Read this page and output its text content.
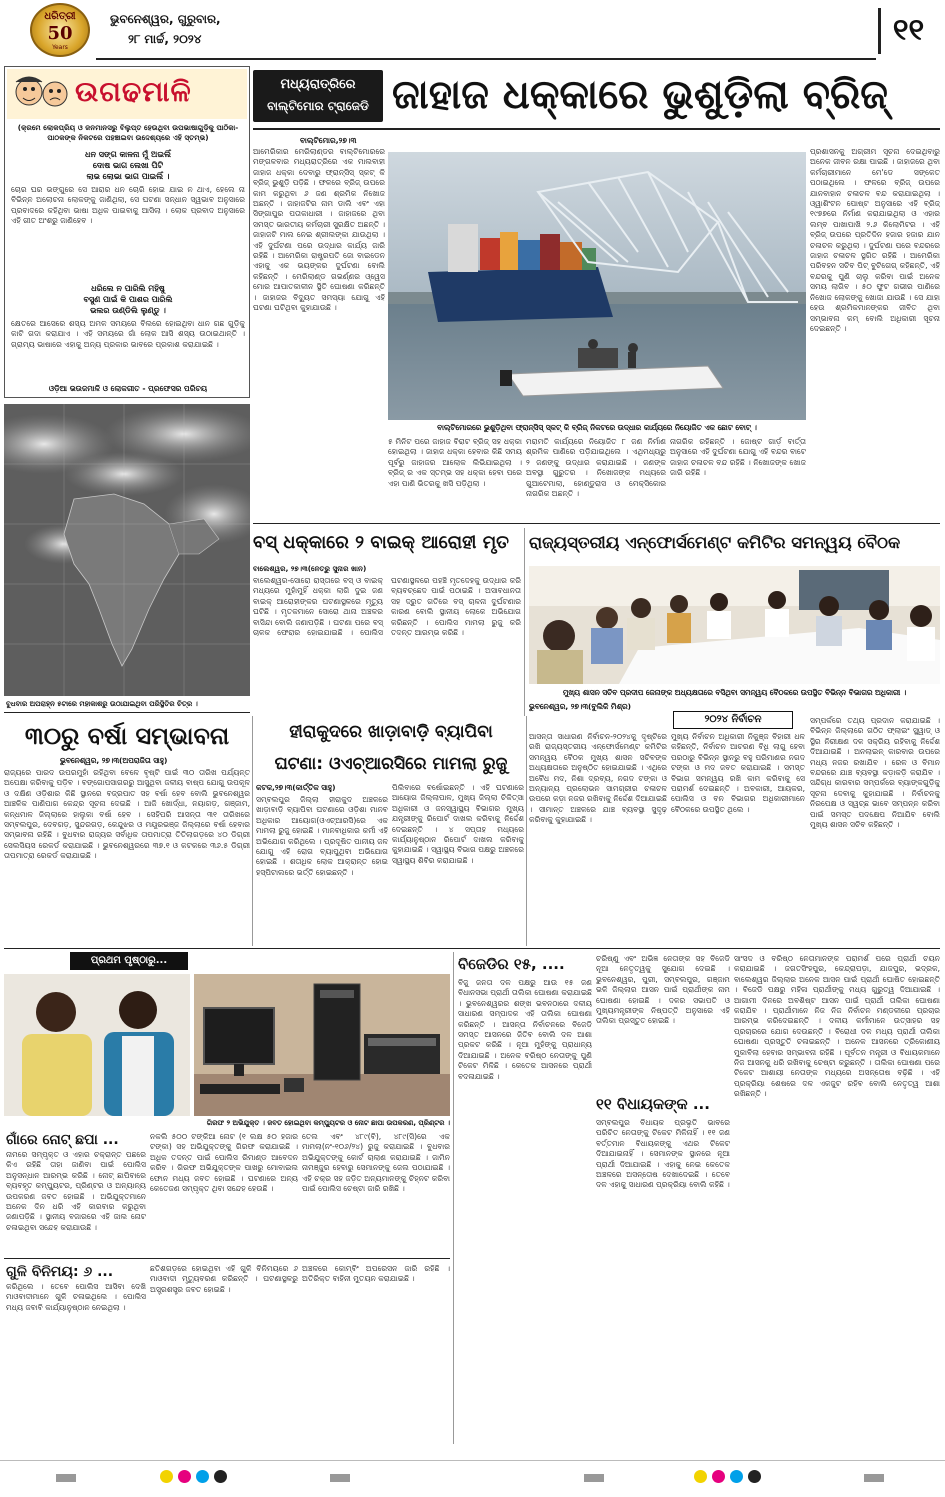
ଧରିତ୍ରୀ
50
Years
ଭୁବନେଶ୍ୱର, ଗୁରୁବାର,
୨୮ ମାର୍ଚ୍ଚ, ୨୦୨୪	୧୧
ଉଗଢମାଳି
(କ୍ରମେ ଲୋକପ୍ରିୟ ଓ ଜନମାନସରୁ ବିଲୁପ୍ତ ହେଉଥିବା ଉପଭାଷାଗୁଡ଼ିକୁ ପାଠିକା-ପାଠକଙ୍କ ନିକଟରେ ପହଞ୍ଚାଇବା ଉଦ୍ଦେଶ୍ୟରେ ଏହି ସ୍ତମ୍ଭ)
ଧନ ସଙ୍ଗ କାଳନା ମୁଁ ଅଇଲିଁ
ଦୋଷ ଭାଗ ଲେଖା ପିଟି
ଲାଭ ଲୋଭା ଭାଗ ପାଇଲିଁ ।
ଚୋର ଘର ଭଙ୍ଗୁରେ ସେ ଆରାର ଧନ ଚୋରି ହୋଇ ଯାଇ ନ ଥାଏ, ହେଲେ ନା ବିଭିନ୍ନ ଅଲୋଚନା ଲୋକଙ୍କୁ ଜାଣିଥିଲା, ସେ ଘଟଣା ସନ୍ଧାନ ସ୍ୱଭାବ ଅନୁସାରେ ପ୍ରବାଦରେ କହିଥିବା ଭାଷା ଅଧିକ ପାଇବାକୁ ଆସିଲା । ଲୋକ ପ୍ରବାଦ ଅନୁସାରେ ଏହି ଗୀତ ଅଂଶରୁ ଜାଣିହେବ ।
ଧରିଲେ ନ ପାରିଲି ମହିଷୁ
ବସୁଣ ପାଇଁ କି ପାଶର ପାରିଲି
ଭଲର ଉଣ୍ଡିଲି ଲୁଣ୍ଡୁ ।
କ୍ଷେତରେ ଆସେରେ ଶସ୍ୟ ଅମଳ ସମୟରେ ବିଲରେ ହୋଇଥିବା ଧାନ ଗଛ ଗୁଡ଼ିକୁ କାଟି ଗଦା କରାଯାଏ । ଏହି ସମୟରେ ଗାଁ ଲୋକ ଆସି ଶସ୍ୟ ଉଠାଇଥାନ୍ତି । ଗ୍ରାମ୍ୟ ଭାଷାରେ ଏହାକୁ ଅନ୍ୟ ପ୍ରକାର ଭାବରେ ପ୍ରକାଶ କରାଯାଇଛି ।
ଓଡ଼ିଆ ଭଉଜମାଳି ଓ ଲୋକଗୀତ - ପ୍ରଫେସର ପରିଚୟ
ବୁଧବାର ଅପରାହ୍ନ ୫ଟାରେ ମହାକାଶରୁ ଉଠାଯାଇଥିବା ପରିସ୍ଥିତିର ଚିତ୍ର ।
ମଧ୍ୟରାତ୍ରିରେ
ବାଲ୍ଟିମୋର ଟ୍ରାଜେଡି ଜାହାଜ ଧକ୍କାରେ ଭୁଶୁଡ଼ିଲା ବ୍ରିଜ୍
ବାଲ୍ଟିମୋର,୨୭।୩
ଆମେରିକାର ମେରିଲାଣ୍ଡର ବାଲ୍ଟିମୋରରେ ମଙ୍ଗଳବାର ମଧ୍ୟରାତ୍ରିରେ ଏକ ମାଲବାହୀ ଜାହାଜ ଧକ୍କା ଦେବାରୁ ଫ୍ରାନ୍ସିସ୍ ସ୍କଟ୍ କି ବ୍ରିଜ୍ ଭୁଶୁଡ଼ି ପଡ଼ିଛି । ଫଳରେ ବ୍ରିଜ୍ ଉପରେ କାମ କରୁଥିବା ୬ ଜଣ ଶ୍ରମିକ ନିଖୋଜ ଅଛନ୍ତି । ଜାହାଜଟିର ନାମ ଡାଲି ଏବଂ ଏହା ସିଙ୍ଗାପୁର ପତାକାଧାରୀ । ଜାହାଜରେ ଥିବା ସମସ୍ତ ଭାରତୀୟ କର୍ମଚାରୀ ସୁରକ୍ଷିତ ଅଛନ୍ତି । ଜାହାଜଟି ମାଲ ନେଇ ଶ୍ରୀଲଙ୍କା ଯାଉଥିଲା । ଏହି ଦୁର୍ଘଟଣା ପରେ ଉଦ୍ଧାର କାର୍ଯ୍ୟ ଜାରି ରହିଛି । ଆମେରିକା ରାଷ୍ଟ୍ରପତି ଜୋ ବାଇଡେନ ଏହାକୁ ଏକ ଭୟଙ୍କର ଦୁର୍ଘଟଣା ବୋଲି କହିଛନ୍ତି । ମେରିଲାଣ୍ଡ ଗଭର୍ଣ୍ଣର ଓ୍ୱେସ ମୋର ଆପାତକାଳୀନ ସ୍ଥିତି ଘୋଷଣା କରିଛନ୍ତି । ଜାହାଜର ବିଦ୍ୟୁତ ସମସ୍ୟା ଯୋଗୁ ଏହି ଘଟଣା ଘଟିଥିବା କୁହାଯାଉଛି ।
ବାଲ୍ଟିମୋରରେ ଭୁଶୁଡ଼ିଥିବା ଫ୍ରାନ୍ସିସ୍ ସ୍କଟ୍ କି ବ୍ରିଜ୍ ନିକଟରେ ଉଦ୍ଧାର କାର୍ଯ୍ୟରେ ନିୟୋଜିତ ଏକ ଛୋଟ ବୋଟ୍ ।
ପ୍ରଶାସନକୁ ଅଗ୍ରୀମ ସୂଚନା ଦେଇଥିବାରୁ ଅନେକ ଜୀବନ ରକ୍ଷା ପାଇଛି । ଜାହାଜରେ ଥିବା କର୍ମଚାରୀମାନେ ମେ'ଡେ ସଙ୍କେତ ପଠାଇଥିଲେ । ଫଳରେ ବ୍ରିଜ୍ ଉପରେ ଯାନବାହାନ ଚଳାଚଳ ବନ୍ଦ କରାଯାଇଥିଲା । ଓ୍ୱାଶିଂଟନ ପୋଷ୍ଟ ଅନୁସାରେ ଏହି ବ୍ରିଜ୍ ୧୯୭୭ରେ ନିର୍ମାଣ କରାଯାଇଥିଲା ଓ ଏହାର ଲମ୍ବ ପାଖାପାଖି ୨.୬ କିଲୋମିଟର । ଏହି ବ୍ରିଜ୍ ଉପରେ ପ୍ରତିଦିନ ହଜାର ହଜାର ଯାନ ଚଳାଚଳ କରୁଥିଲା । ଦୁର୍ଘଟଣା ପରେ ବନ୍ଦରରେ ଜାହାଜ ଚଳାଚଳ ସ୍ଥଗିତ ରହିଛି । ଆମେରିକା ପରିବହନ ସଚିବ ପିଟ୍ ବୁଟିଗେଗ୍ କହିଛନ୍ତି, ଏହି ବନ୍ଦରକୁ ପୁଣି ଚାଲୁ କରିବା ପାଇଁ ଅନେକ ସମୟ ଲାଗିବ । ୫୦ ଫୁଟ ଗଭୀର ପାଣିରେ ନିଖୋଜ ଲୋକଙ୍କୁ ଖୋଜା ଯାଉଛି । ସେ ଯାହା ହେଉ ଶ୍ରମିକମାନଙ୍କର ଜୀବିତ ଥିବା ସମ୍ଭାବନା କମ୍ ବୋଲି ଅଧିକାରୀ ସୂଚନା ଦେଇଛନ୍ତି ।
୫ ମିନିଟ ପରେ ଜାହାଜ ବିରାଟ ବ୍ରିଜ୍ ସହ ଧକ୍କା ହୋଇଥିଲା । ଜାହାଜ ଧକ୍କା ହେବାର କିଛି ସମୟ ପୂର୍ବରୁ ଜାହାଜର ଆଲୋକ ଲିଭିଯାଇଥିଲା । ବ୍ରିଜ୍ ର ଏକ ସ୍ତମ୍ଭ ସହ ଧକ୍କା ହେବା ପରେ ଏହା ପାଣି ଭିତରକୁ ଖସି ପଡ଼ିଥିଲା ।
ମରାମତି କାର୍ଯ୍ୟରେ ନିୟୋଜିତ ୮ ଜଣ ନିର୍ମାଣ ଶ୍ରମିକ ପାଣିରେ ପଡ଼ିଯାଇଥିଲେ । ଏଥିମଧ୍ୟରୁ ୨ ଜଣଙ୍କୁ ଉଦ୍ଧାର କରାଯାଇଛି । ଜଣଙ୍କ ଅବସ୍ଥା ଗୁରୁତର । ନିଖୋଜଙ୍କ ମଧ୍ୟରେ ଗୁଆଟେମାଲା, ହୋଣ୍ଡୁରାସ ଓ ମେକ୍ସିକୋର ନାଗରିକ ଅଛନ୍ତି ।
ନାଗରିକ ରହିଛନ୍ତି । ଜୋଷ୍ଟ ଗାର୍ଡ଼ ବାର୍ତ୍ତା ଅନୁସାରେ ଏହି ଦୁର୍ଘଟଣା ଯୋଗୁ ଏହି ବନ୍ଦର ବାଟେ ଜାହାଜ ଚଳାଚଳ ବନ୍ଦ ରହିଛି । ନିଖୋଜଙ୍କ ଖୋଜ ଜାରି ରହିଛି ।
ବସ୍ ଧକ୍କାରେ ୨ ବାଇକ୍ ଆରୋହୀ ମୃତ
ବାଲେଶ୍ୱର, ୨୭।୩(ନେତ୍ରୁ ସୁନାର ଖାନ)
ବାଲେଶ୍ୱର-ସୋରୋ ରାସ୍ତାରେ ବସ୍ ଓ ବାଇକ୍ ମଧ୍ୟରେ ମୁହାଁମୁହିଁ ଧକ୍କା ଲାଗି ଦୁଇ ଜଣ ବାଇକ୍ ଆରୋହୀଙ୍କର ଘଟଣାସ୍ଥଳରେ ମୃତ୍ୟୁ ଘଟିଛି । ମୃତକମାନେ ସୋରୋ ଥାନା ଅଞ୍ଚଳର ବାସିନ୍ଦା ବୋଲି ଜଣାପଡ଼ିଛି । ଘଟଣା ପରେ ବସ୍ ଚାଳକ ଫେରାର ହୋଇଯାଇଛି । ପୋଲିସ ଘଟଣାସ୍ଥଳରେ ପହଞ୍ଚି ମୃତଦେହକୁ ଉଦ୍ଧାର କରି ବ୍ୟବଚ୍ଛେଦ ପାଇଁ ପଠାଇଛି । ଅସାବଧାନତା ସହ ଦ୍ରୁତ ଗତିରେ ବସ୍ ଚାଳନା ଦୁର୍ଘଟଣାର କାରଣ ବୋଲି ସ୍ଥାନୀୟ ଲୋକେ ଅଭିଯୋଗ କରିଛନ୍ତି । ପୋଲିସ ମାମଲା ରୁଜୁ କରି ତଦନ୍ତ ଆରମ୍ଭ କରିଛି ।
ରାଜ୍ୟସ୍ତରୀୟ ଏନ୍‌ଫୋର୍ସମେଣ୍ଟ କମିଟିର ସମନ୍ୱୟ ବୈଠକ
ମୁଖ୍ୟ ଶାସନ ସଚିବ ପ୍ରଦୀପ ଜେନାଙ୍କ ଅଧ୍ୟକ୍ଷତାରେ ବସିଥିବା ସମନ୍ୱୟ ବୈଠକରେ ଉପସ୍ଥିତ ବିଭିନ୍ନ ବିଭାଗର ଅଧିକାରୀ ।
ଭୁବନେଶ୍ୱର, ୨୭।୩(ବୁଲିକି ମିଶ୍ର)
୨୦୨୪ ନିର୍ବାଚନ
ଆସନ୍ତା ସାଧାରଣ ନିର୍ବାଚନ-୨୦୨୪କୁ ଦୃଷ୍ଟିରେ ରଖି ରାଜ୍ୟସ୍ତରୀୟ ଏନ୍‌ଫୋର୍ସମେଣ୍ଟ କମିଟିର ସମନ୍ୱୟ ବୈଠକ ମୁଖ୍ୟ ଶାସନ ସଚିବଙ୍କ ଅଧ୍ୟକ୍ଷତାରେ ଅନୁଷ୍ଠିତ ହୋଇଯାଇଛି । ଏଥିରେ ଅବୈଧ ମଦ, ନିଶା ଦ୍ରବ୍ୟ, ନଗଦ ଟଙ୍କା ଓ ଅନ୍ୟାନ୍ୟ ପ୍ରଲୋଭନ ସାମଗ୍ରୀର ଚଳାଚଳ ଉପରେ କଡ଼ା ନଜର ରଖିବାକୁ ନିର୍ଦ୍ଦେଶ ଦିଆଯାଇଛି । ସୀମାନ୍ତ ଅଞ୍ଚଳରେ ଯାଞ୍ଚ ବ୍ୟବସ୍ଥା ସୁଦୃଢ଼ କରିବାକୁ କୁହାଯାଇଛି ।
ମୁଖ୍ୟ ନିର୍ବାଚନ ଅଧିକାରୀ ନିକୁଞ୍ଜ ବିହାରୀ ଧଳ କହିଛନ୍ତି, ନିର୍ବାଚନ ଆଚରଣ ବିଧି ଲାଗୁ ହେବା ପରଠାରୁ ବିଭିନ୍ନ ସ୍ଥାନରୁ ବହୁ ପରିମାଣର ନଗଦ ଟଙ୍କା ଓ ମଦ ଜବତ କରାଯାଇଛି । ସମସ୍ତ ବିଭାଗ ସମନ୍ୱୟ ରଖି କାମ କରିବାକୁ ସେ ପରାମର୍ଶ ଦେଇଛନ୍ତି । ଅବକାରୀ, ଆୟକର, ପୋଲିସ ଓ ବନ ବିଭାଗର ଅଧିକାରୀମାନେ ବୈଠକରେ ଉପସ୍ଥିତ ଥିଲେ ।
ସମ୍ପର୍କରେ ତଥ୍ୟ ପ୍ରଦାନ କରାଯାଇଛି । ବିଭିନ୍ନ ଜିଲ୍ଲାରେ ଗଠିତ ଫ୍ଲାଇଂ ସ୍କ୍ୱାଡ୍ ଓ ସ୍ଥିର ନିରୀକ୍ଷଣ ଦଳ ସକ୍ରିୟ ରହିବାକୁ ନିର୍ଦ୍ଦେଶ ଦିଆଯାଇଛି । ଅନଲାଇନ୍ କାରବାର ଉପରେ ମଧ୍ୟ ନଜର ରଖାଯିବ । ରେଳ ଓ ବିମାନ ବନ୍ଦରରେ ଯାଞ୍ଚ ବ୍ୟବସ୍ଥା କଡ଼ାକଡ଼ି କରାଯିବ । ସନ୍ଦିଗ୍ଧ କାରବାର ସମ୍ପର୍କରେ ବ୍ୟାଙ୍କଗୁଡ଼ିକୁ ସୂଚନା ଦେବାକୁ କୁହାଯାଇଛି । ନିର୍ବାଚନକୁ ନିରପେକ୍ଷ ଓ ସ୍ୱଚ୍ଛ ଭାବେ ସମ୍ପନ୍ନ କରିବା ପାଇଁ ସମସ୍ତ ପଦକ୍ଷେପ ନିଆଯିବ ବୋଲି ମୁଖ୍ୟ ଶାସନ ସଚିବ କହିଛନ୍ତି ।
୩୦ରୁ ବର୍ଷା ସମ୍ଭାବନା
ଭୁବନେଶ୍ୱର, ୨୭।୩(ଅପରାଜିତା ସାହୁ)
ରାଜ୍ୟରେ ପାରଦ ଉପରମୁହାଁ ରହିଥିବା ବେଳେ ବୃଷ୍ଟି ପାଇଁ ୩୦ ତାରିଖ ପର୍ଯ୍ୟନ୍ତ ଅପେକ୍ଷା କରିବାକୁ ପଡ଼ିବ । ବଙ୍ଗୋପସାଗରରୁ ଆସୁଥିବା ଜଳୀୟ ବାଷ୍ପ ଯୋଗୁ ଉପକୂଳ ଓ ଦକ୍ଷିଣ ଓଡ଼ିଶାର କିଛି ସ୍ଥାନରେ ବଜ୍ରପାତ ସହ ବର୍ଷା ହେବ ବୋଲି ଭୁବନେଶ୍ୱର ଆଞ୍ଚଳିକ ପାଣିପାଗ କେନ୍ଦ୍ର ସୂଚନା ଦେଇଛି । ଆଜି ଖୋର୍ଦ୍ଧା, ନୟାଗଡ଼, ଗଞ୍ଜାମ, କନ୍ଧମାଳ ଜିଲ୍ଲାରେ ହାଲୁକା ବର୍ଷା ହେବ । ସେହିପରି ଆସନ୍ତା ୩୧ ତାରିଖରେ ସମ୍ବଲପୁର, ଦେବଗଡ଼, ସୁନ୍ଦରଗଡ଼, କେନ୍ଦୁଝର ଓ ମୟୂରଭଞ୍ଜ ଜିଲ୍ଲାରେ ବର୍ଷା ହେବାର ସମ୍ଭାବନା ରହିଛି । ବୁଧବାର ରାଜ୍ୟର ସର୍ବାଧିକ ତାପମାତ୍ରା ତିତିଲାଗଡ଼ରେ ୪୦ ଡିଗ୍ରୀ ସେଲସିୟସ ରେକର୍ଡ କରାଯାଇଛି । ଭୁବନେଶ୍ୱରରେ ୩୭.୧ ଓ କଟକରେ ୩୬.୫ ଡିଗ୍ରୀ ତାପମାତ୍ରା ରେକର୍ଡ କରାଯାଇଛି ।
ହୀରାକୁଦରେ ଖାଡ଼ାବାଡ଼ି ବ୍ୟାପିବା
ଘଟଣା: ଓଏଚ୍‌ଆରସିରେ ମାମଲା ରୁଜୁ
କଟକ,୨୭।୩(କାର୍ତ୍ତିକ ସାହୁ)
ସମ୍ବଲପୁର ଜିଲ୍ଲା ହୀରାକୁଦ ଅଞ୍ଚଳରେ ଖାଡ଼ାବାଡ଼ି ବ୍ୟାପିବା ଘଟଣାରେ ଓଡ଼ିଶା ମାନବ ଅଧିକାର ଆୟୋଗ(ଓଏଚ୍‌ଆରସି)ରେ ଏକ ମାମଲା ରୁଜୁ ହୋଇଛି । ମାନବାଧିକାର କର୍ମୀ ଏହି ଅଭିଯୋଗ କରିଥିଲେ । ପ୍ରଦୂଷିତ ପାନୀୟ ଜଳ ଯୋଗୁ ଏହି ରୋଗ ବ୍ୟାପୁଥିବା ଅଭିଯୋଗ ହୋଇଛି । ଶତାଧିକ ଲୋକ ଆକ୍ରାନ୍ତ ହୋଇ ହସ୍ପିଟାଲରେ ଭର୍ତ୍ତି ହୋଇଛନ୍ତି ।
ପିଲିବାରେ ବର୍ଷୋଇଛନ୍ତି । ଏହି ଘଟଣାରେ ଆୟୋଗ ଜିଲ୍ଲାପାଳ, ମୁଖ୍ୟ ଜିଲ୍ଲା ଚିକିତ୍ସା ଅଧିକାରୀ ଓ ଜନସ୍ୱାସ୍ଥ୍ୟ ବିଭାଗର ମୁଖ୍ୟ ଯନ୍ତ୍ରୀଙ୍କୁ ରିପୋର୍ଟ ଦାଖଲ କରିବାକୁ ନିର୍ଦ୍ଦେଶ ଦେଇଛନ୍ତି । ୪ ସପ୍ତାହ ମଧ୍ୟରେ କାର୍ଯ୍ୟାନୁଷ୍ଠାନ ରିପୋର୍ଟ ଦାଖଲ କରିବାକୁ କୁହାଯାଇଛି । ସ୍ୱାସ୍ଥ୍ୟ ବିଭାଗ ପକ୍ଷରୁ ଅଞ୍ଚଳରେ ସ୍ୱାସ୍ଥ୍ୟ ଶିବିର କରାଯାଇଛି ।
ପ୍ରଥମ ପୃଷ୍ଠାରୁ...
ଗିରଫ ୨ ଅଭିଯୁକ୍ତ । ଜବତ ହୋଇଥିବା କମ୍ପ୍ୟୁଟର ଓ ନୋଟ ଛାପା ଉପକରଣ, ପ୍ରିଣ୍ଟର ।
ଗାଁରେ ନୋଟ୍ ଛପା ...
ନାମରେ ସମ୍ପୃକ୍ତ ଓ ଏହାର ଚକ୍ରାନ୍ତ ପଛରେ କିଏ ରହିଛି ତାହା ଜାଣିବା ପାଇଁ ପୋଲିସ ଅନୁସନ୍ଧାନ ଆରମ୍ଭ କରିଛି । ନୋଟ୍ ଛାପିବାରେ ବ୍ୟବହୃତ କମ୍ପ୍ୟୁଟର, ପ୍ରିଣ୍ଟର ଓ ଅନ୍ୟାନ୍ୟ ଉପକରଣ ଜବତ ହୋଇଛି । ଅଭିଯୁକ୍ତମାନେ ଅନେକ ଦିନ ଧରି ଏହି କାରବାର କରୁଥିବା ଜଣାପଡ଼ିଛି । ସ୍ଥାନୀୟ ବଜାରରେ ଏହି ଜାଲ ନୋଟ ଚଳାଇଥିବା ସନ୍ଦେହ କରାଯାଉଛି ।
ନକଲି ୫୦୦ ଟଙ୍କିଆ ନୋଟ (୧ ଲକ୍ଷ ୫୦ ହଜାର ଟଙ୍କା) ସହ ଅଭିଯୁକ୍ତଙ୍କୁ ଗିରଫ କରାଯାଇଛି । ଅଧିକ ତଦନ୍ତ ପାଇଁ ପୋଲିସ ରିମାଣ୍ଡ ଆବେଦନ କରିବ । ଗିରଫ ଅଭିଯୁକ୍ତଙ୍କ ପାଖରୁ ମୋବାଇଲ ଫୋନ ମଧ୍ୟ ଜବତ ହୋଇଛି । ଘଟଣାରେ ଅନ୍ୟ କେତେଜଣ ସମ୍ପୃକ୍ତ ଥିବା ସନ୍ଦେହ ହେଉଛି ।
ତେଲ ଏବଂ ୪୮୯(ବି), ୪୮୯(ସି)ରେ ଏକ ମାମଲା(ନଂ-୧୦୬/୨୪) ରୁଜୁ କରାଯାଇଛି । ବୁଧବାର ଅଭିଯୁକ୍ତଙ୍କୁ କୋର୍ଟ ଚାଲାଣ କରାଯାଇଛି । ଜାମିନ ନାମଞ୍ଜୁର ହେବାରୁ ସେମାନଙ୍କୁ ଜେଲ ପଠାଯାଇଛି । ଏହି ଚକ୍ର ସହ ଜଡ଼ିତ ଅନ୍ୟମାନଙ୍କୁ ଚିହ୍ନଟ କରିବା ପାଇଁ ପୋଲିସ ଚେଷ୍ଟା ଜାରି ରଖିଛି ।
ଗୁଳି ବିନିମୟ: ୬ ...
କରିଥିଲେ । ତେବେ ପୋଲିସ ଆସିବା ଦେଖି ମାଓବାଦୀମାନେ ଗୁଳି ଚଳାଇଥିଲେ । ପୋଲିସ ମଧ୍ୟ ଜବାବି କାର୍ଯ୍ୟାନୁଷ୍ଠାନ ନେଇଥିଲା ।
ଛତିଶଗଡ଼ରେ ହୋଇଥିବା ଏହି ଗୁଳି ବିନିମୟରେ ୬ ମାଓବାଦୀ ମୃତ୍ୟୁବରଣ କରିଛନ୍ତି । ଘଟଣାସ୍ଥଳରୁ ଅସ୍ତ୍ରଶସ୍ତ୍ର ଜବତ ହୋଇଛି ।
ଅଞ୍ଚଳରେ କୋମ୍ବିଂ ଅପରେସନ ଜାରି ରହିଛି । ଅତିରିକ୍ତ ବାହିନୀ ମୁତୟନ କରାଯାଇଛି ।
ବିଜେଡିର ୧୫, ....
ବିଜୁ ଜନତା ଦଳ ପକ୍ଷରୁ ଆଉ ୧୫ ଜଣ ବିଧାନସଭା ପ୍ରାର୍ଥୀ ତାଲିକା ଘୋଷଣା କରାଯାଇଛି । ଭୁବନେଶ୍ୱରର ଶଙ୍ଖ ଭବନଠାରେ ଦଳୀୟ ସାଧାରଣ ସମ୍ପାଦକ ଏହି ତାଲିକା ଘୋଷଣା କରିଛନ୍ତି । ଆସନ୍ତା ନିର୍ବାଚନରେ ବିଜେଡି ସମସ୍ତ ଆସନରେ ଜିତିବ ବୋଲି ଦଳ ଆଶା ପ୍ରକଟ କରିଛି । ନୂଆ ମୁହଁଙ୍କୁ ପ୍ରାଧାନ୍ୟ ଦିଆଯାଇଛି । ଅନେକ ବରିଷ୍ଠ ନେତାଙ୍କୁ ପୁଣି ଟିକେଟ ମିଳିଛି । କେତେକ ଆସନରେ ପ୍ରାର୍ଥୀ ବଦଳାଯାଇଛି ।
ଚରିଷ୍ଣୁ ଏବଂ ଅଭିଜ୍ଞ ନେତାଙ୍କ ସହ ବିଜେଡି ନୂଆ ନେତୃତ୍ୱକୁ ସୁଯୋଗ ଦେଇଛି । ଭୁବନେଶ୍ୱର, ପୁରୀ, ସମ୍ବଲପୁର, ଗଞ୍ଜାମ ଭଳି ଜିଲ୍ଲାର ଆସନ ପାଇଁ ପ୍ରାର୍ଥୀଙ୍କ ନାମ ଘୋଷଣା ହୋଇଛି । ଦଳର ସଭାପତି ଓ ମୁଖ୍ୟମନ୍ତ୍ରୀଙ୍କ ନିଷ୍ପତ୍ତି ଅନୁସାରେ ଏହି ତାଲିକା ପ୍ରସ୍ତୁତ ହୋଇଛି ।
୧୧ ବିଧାୟକଙ୍କ ...
ସମ୍ବଲପୁର ବିଧାୟକ ପ୍ରଭୃତି ଭାବରେ ପରିଚିତ ନେତାଙ୍କୁ ଟିକେଟ ମିଳିନାହିଁ । ୧୧ ଜଣ ବର୍ତ୍ତମାନ ବିଧାୟକଙ୍କୁ ଏଥର ଟିକେଟ ଦିଆଯାଇନାହିଁ । ସେମାନଙ୍କ ସ୍ଥାନରେ ନୂଆ ପ୍ରାର୍ଥୀ ଦିଆଯାଇଛି । ଏହାକୁ ନେଇ କେତେକ ଅଞ୍ଚଳରେ ଅସନ୍ତୋଷ ଦେଖାଦେଇଛି । ତେବେ ଦଳ ଏହାକୁ ସାଧାରଣ ପ୍ରକ୍ରିୟା ବୋଲି କହିଛି ।
ସାଂସଦ ଓ ବରିଷ୍ଠ ନେତାମାନଙ୍କ ପରାମର୍ଶ ପରେ ପ୍ରାର୍ଥୀ ଚୟନ କରାଯାଇଛି । ଜଗତସିଂହପୁର, କେନ୍ଦ୍ରାପଡ଼ା, ଯାଜପୁର, ଭଦ୍ରକ, ବାଲେଶ୍ୱର ଜିଲ୍ଲାର ଅନେକ ଆସନ ପାଇଁ ପ୍ରାର୍ଥୀ ଘୋଷିତ ହୋଇଛନ୍ତି । ବିଜେଡି ପକ୍ଷରୁ ମହିଳା ପ୍ରାର୍ଥୀଙ୍କୁ ମଧ୍ୟ ଗୁରୁତ୍ୱ ଦିଆଯାଇଛି । ଆଗାମୀ ଦିନରେ ଅବଶିଷ୍ଟ ଆସନ ପାଇଁ ପ୍ରାର୍ଥୀ ତାଲିକା ଘୋଷଣା କରାଯିବ । ପ୍ରାର୍ଥୀମାନେ ନିଜ ନିଜ ନିର୍ବାଚନ ମଣ୍ଡଳୀରେ ପ୍ରଚାର ଆରମ୍ଭ କରିଦେଇଛନ୍ତି । ଦଳୀୟ କର୍ମୀମାନେ ଉତ୍ସାହର ସହ ପ୍ରଚାରରେ ଯୋଗ ଦେଉଛନ୍ତି । ବିରୋଧୀ ଦଳ ମଧ୍ୟ ପ୍ରାର୍ଥୀ ତାଲିକା ଘୋଷଣା ପ୍ରସ୍ତୁତି ଚଳାଇଛନ୍ତି । ଅନେକ ଆସନରେ ତ୍ରିକୋଣୀୟ ମୁକାବିଲା ହେବାର ସମ୍ଭାବନା ରହିଛି । ପୂର୍ବତନ ମନ୍ତ୍ରୀ ଓ ବିଧାୟକମାନେ ନିଜ ଆସନକୁ ଧରି ରଖିବାକୁ ଚେଷ୍ଟା କରୁଛନ୍ତି । ତାଲିକା ଘୋଷଣା ପରେ ଟିକେଟ ଆଶାୟୀ ନେତାଙ୍କ ମଧ୍ୟରେ ଅସନ୍ତୋଷ ବଢ଼ିଛି । ଏହି ପ୍ରକ୍ରିୟା ଶେଷରେ ଦଳ ଏକଜୁଟ ରହିବ ବୋଲି ନେତୃତ୍ୱ ଆଶା ରଖିଛନ୍ତି ।
